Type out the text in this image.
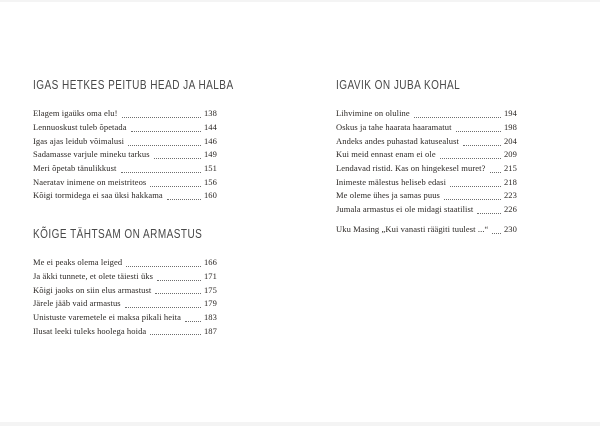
IGAS HETKES PEITUB HEAD JA HALBA
Elagem igaüks oma elu!	138
Lennuoskust tuleb õpetada	144
Igas ajas leidub võimalusi	146
Sadamasse varjule mineku tarkus	149
Meri õpetab tänulikkust	151
Naeratav inimene on meistriteos	156
Kõigi tormidega ei saa üksi hakkama	160
KÕIGE TÄHTSAM ON ARMASTUS
Me ei peaks olema leiged	166
Ja äkki tunnete, et olete täiesti üks	171
Kõigi jaoks on siin elus armastust	175
Järele jääb vaid armastus	179
Unistuste varemetele ei maksa pikali heita	183
Ilusat leeki tuleks hoolega hoida	187
IGAVIK ON JUBA KOHAL
Lihvimine on oluline	194
Oskus ja tahe haarata haaramatut	198
Andeks andes puhastad katusealust	204
Kui meid ennast enam ei ole	209
Lendavad ristid. Kas on hingekesel muret? 215
Inimeste mälestus heliseb edasi	218
Me oleme ühes ja samas puus	223
Jumala armastus ei ole midagi staatilist	226
Uku Masing „Kui vanasti räägiti tuulest ...“ 230
